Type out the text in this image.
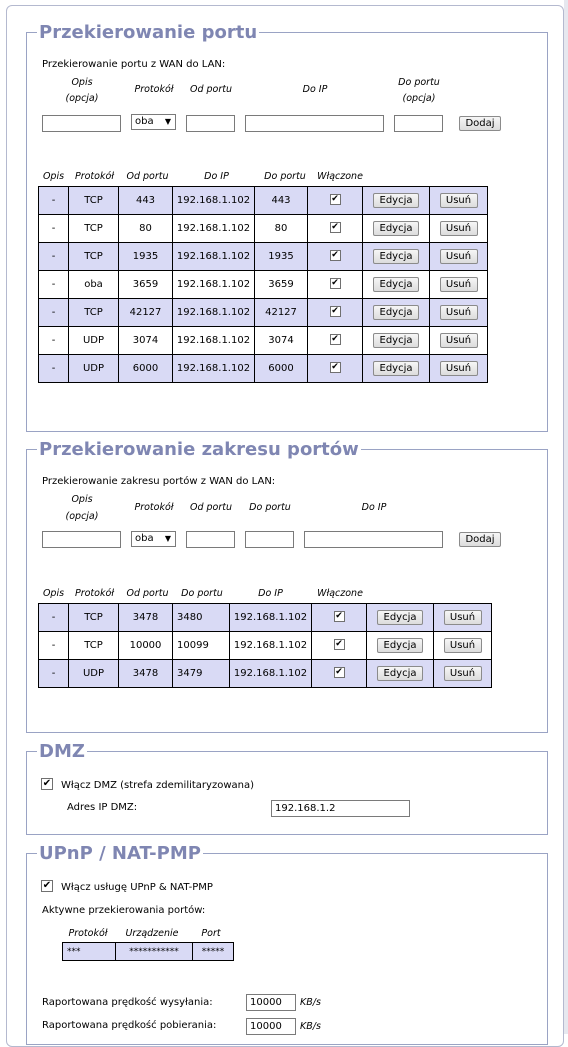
Przekierowanie portu
Przekierowanie portu z WAN do LAN:
Opis
(opcja)
Protokół	Od portu	Do IP
Do portu
(opcja)
oba ▼	Dodaj
Opis	Protokół	Od portu	Do IP	Do portu	Włączone
-	TCP	443	192.168.1.102	443	✔	Edycja	Usuń
-	TCP	80	192.168.1.102	80	✔	Edycja	Usuń
-	TCP	1935	192.168.1.102	1935	✔	Edycja	Usuń
-	oba	3659	192.168.1.102	3659	✔	Edycja	Usuń
-	TCP	42127	192.168.1.102	42127	✔	Edycja	Usuń
-	UDP	3074	192.168.1.102	3074	✔	Edycja	Usuń
-	UDP	6000	192.168.1.102	6000	✔	Edycja	Usuń
Przekierowanie zakresu portów
Przekierowanie zakresu portów z WAN do LAN:
Opis
(opcja)
Protokół	Od portu	Do portu	Do IP
oba ▼	Dodaj
Opis	Protokół	Od portu	Do portu	Do IP	Włączone
-	TCP	3478	3480	192.168.1.102	✔	Edycja	Usuń
-	TCP	10000	10099	192.168.1.102	✔	Edycja	Usuń
-	UDP	3478	3479	192.168.1.102	✔	Edycja	Usuń
DMZ
✔ Włącz DMZ (strefa zdemilitaryzowana)
Adres IP DMZ:
192.168.1.2
UPnP / NAT-PMP
✔ Włącz usługę UPnP & NAT-PMP
Aktywne przekierowania portów:
Protokół	Urządzenie	Port
***	***********	*****
Raportowana prędkość wysyłania:
10000	KB/s
Raportowana prędkość pobierania:
10000	KB/s
